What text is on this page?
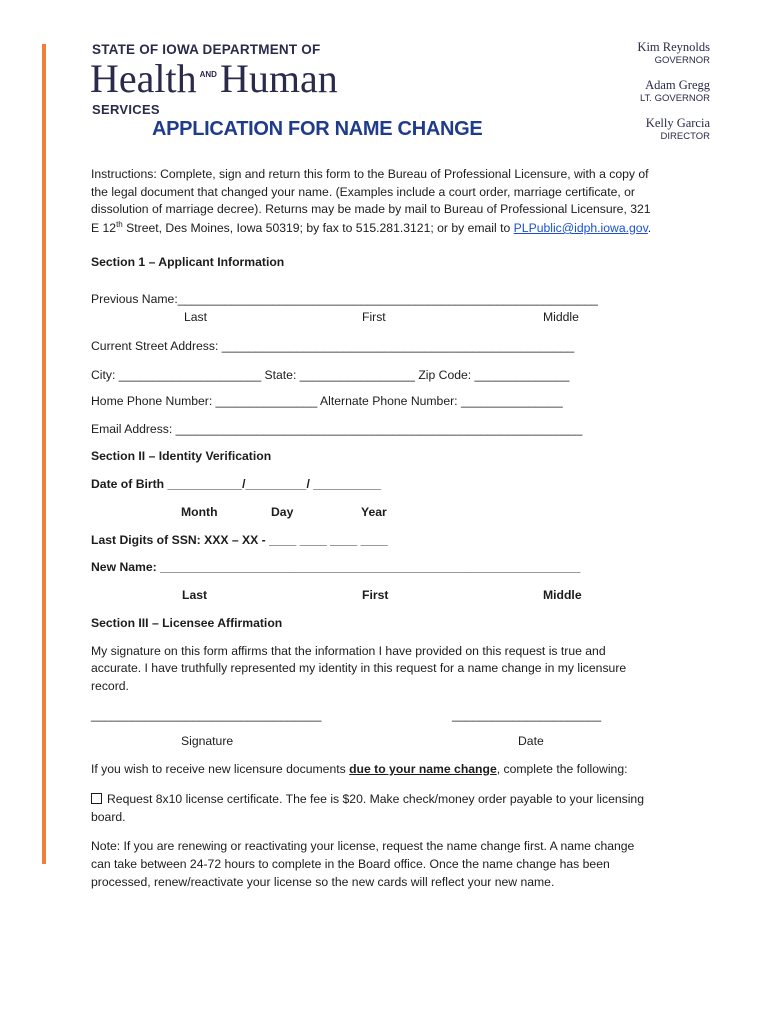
STATE OF IOWA DEPARTMENT OF
Health $^{AND}$Human
SERVICES
APPLICATION FOR NAME CHANGE
Kim Reynolds
GOVERNOR
Adam Gregg
LT. GOVERNOR
Kelly Garcia
DIRECTOR
Instructions: Complete, sign and return this form to the Bureau of Professional Licensure, with a copy of
the legal document that changed your name. (Examples include a court order, marriage certificate, or
dissolution of marriage decree). Returns may be made by mail to Bureau of Professional Licensure, 321
E 12th Street, Des Moines, Iowa 50319; by fax to 515.281.3121; or by email to PLPublic@idph.iowa.gov.
Section 1 – Applicant Information
Previous Name:______________________________________________________________
Last	First	Middle
Current Street Address: ____________________________________________________
City: _____________________ State: _________________ Zip Code: ______________
Home Phone Number: _______________ Alternate Phone Number: _______________
Email Address: ____________________________________________________________
Section II – Identity Verification
Date of Birth ___________/_________/ __________
Month	Day	Year
Last Digits of SSN: XXX – XX - ____ ____ ____ ____
New Name: ______________________________________________________________
Last	First	Middle
Section III – Licensee Affirmation
My signature on this form affirms that the information I have provided on this request is true and
accurate. I have truthfully represented my identity in this request for a name change in my licensure
record.
__________________________________	______________________
Signature	Date
If you wish to receive new licensure documents due to your name change, complete the following:
Request 8x10 license certificate. The fee is $20. Make check/money order payable to your licensing
board.
Note: If you are renewing or reactivating your license, request the name change first. A name change
can take between 24-72 hours to complete in the Board office. Once the name change has been
processed, renew/reactivate your license so the new cards will reflect your new name.
